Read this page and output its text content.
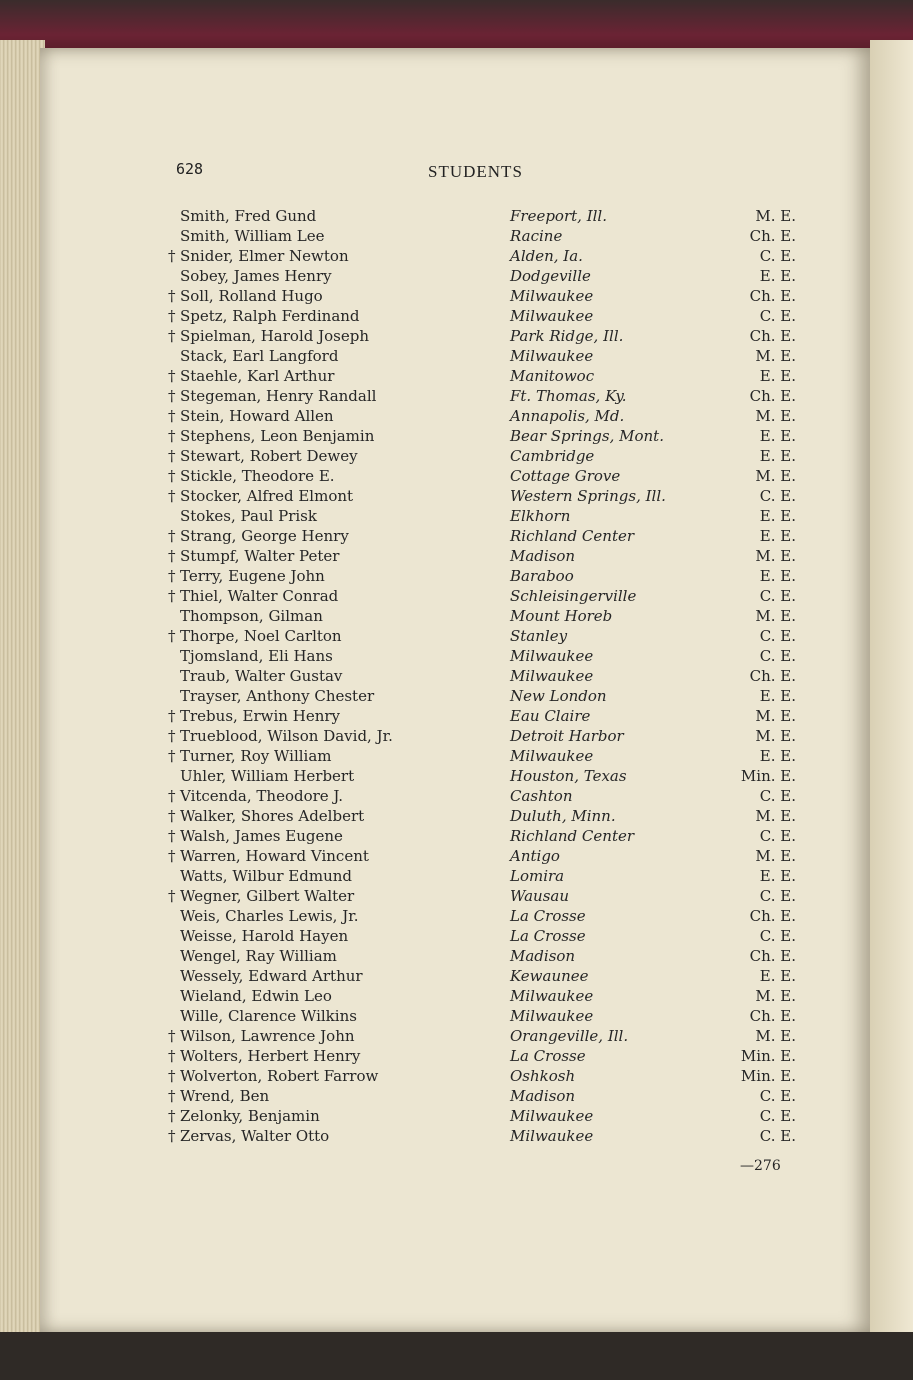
628	STUDENTS
Smith, Fred Gund	Freeport, Ill.	M. E.
Smith, William Lee	Racine	Ch. E.
† Snider, Elmer Newton	Alden, Ia.	C. E.
Sobey, James Henry	Dodgeville	E. E.
† Soll, Rolland Hugo	Milwaukee	Ch. E.
† Spetz, Ralph Ferdinand	Milwaukee	C. E.
† Spielman, Harold Joseph	Park Ridge, Ill.	Ch. E.
Stack, Earl Langford	Milwaukee	M. E.
† Staehle, Karl Arthur	Manitowoc	E. E.
† Stegeman, Henry Randall	Ft. Thomas, Ky.	Ch. E.
† Stein, Howard Allen	Annapolis, Md.	M. E.
† Stephens, Leon Benjamin	Bear Springs, Mont.	E. E.
† Stewart, Robert Dewey	Cambridge	E. E.
† Stickle, Theodore E.	Cottage Grove	M. E.
† Stocker, Alfred Elmont	Western Springs, Ill.	C. E.
Stokes, Paul Prisk	Elkhorn	E. E.
† Strang, George Henry	Richland Center	E. E.
† Stumpf, Walter Peter	Madison	M. E.
† Terry, Eugene John	Baraboo	E. E.
† Thiel, Walter Conrad	Schleisingerville	C. E.
Thompson, Gilman	Mount Horeb	M. E.
† Thorpe, Noel Carlton	Stanley	C. E.
Tjomsland, Eli Hans	Milwaukee	C. E.
Traub, Walter Gustav	Milwaukee	Ch. E.
Trayser, Anthony Chester	New London	E. E.
† Trebus, Erwin Henry	Eau Claire	M. E.
† Trueblood, Wilson David, Jr.	Detroit Harbor	M. E.
† Turner, Roy William	Milwaukee	E. E.
Uhler, William Herbert	Houston, Texas	Min. E.
† Vitcenda, Theodore J.	Cashton	C. E.
† Walker, Shores Adelbert	Duluth, Minn.	M. E.
† Walsh, James Eugene	Richland Center	C. E.
† Warren, Howard Vincent	Antigo	M. E.
Watts, Wilbur Edmund	Lomira	E. E.
† Wegner, Gilbert Walter	Wausau	C. E.
Weis, Charles Lewis, Jr.	La Crosse	Ch. E.
Weisse, Harold Hayen	La Crosse	C. E.
Wengel, Ray William	Madison	Ch. E.
Wessely, Edward Arthur	Kewaunee	E. E.
Wieland, Edwin Leo	Milwaukee	M. E.
Wille, Clarence Wilkins	Milwaukee	Ch. E.
† Wilson, Lawrence John	Orangeville, Ill.	M. E.
† Wolters, Herbert Henry	La Crosse	Min. E.
† Wolverton, Robert Farrow	Oshkosh	Min. E.
† Wrend, Ben	Madison	C. E.
† Zelonky, Benjamin	Milwaukee	C. E.
† Zervas, Walter Otto	Milwaukee	C. E.
—276
